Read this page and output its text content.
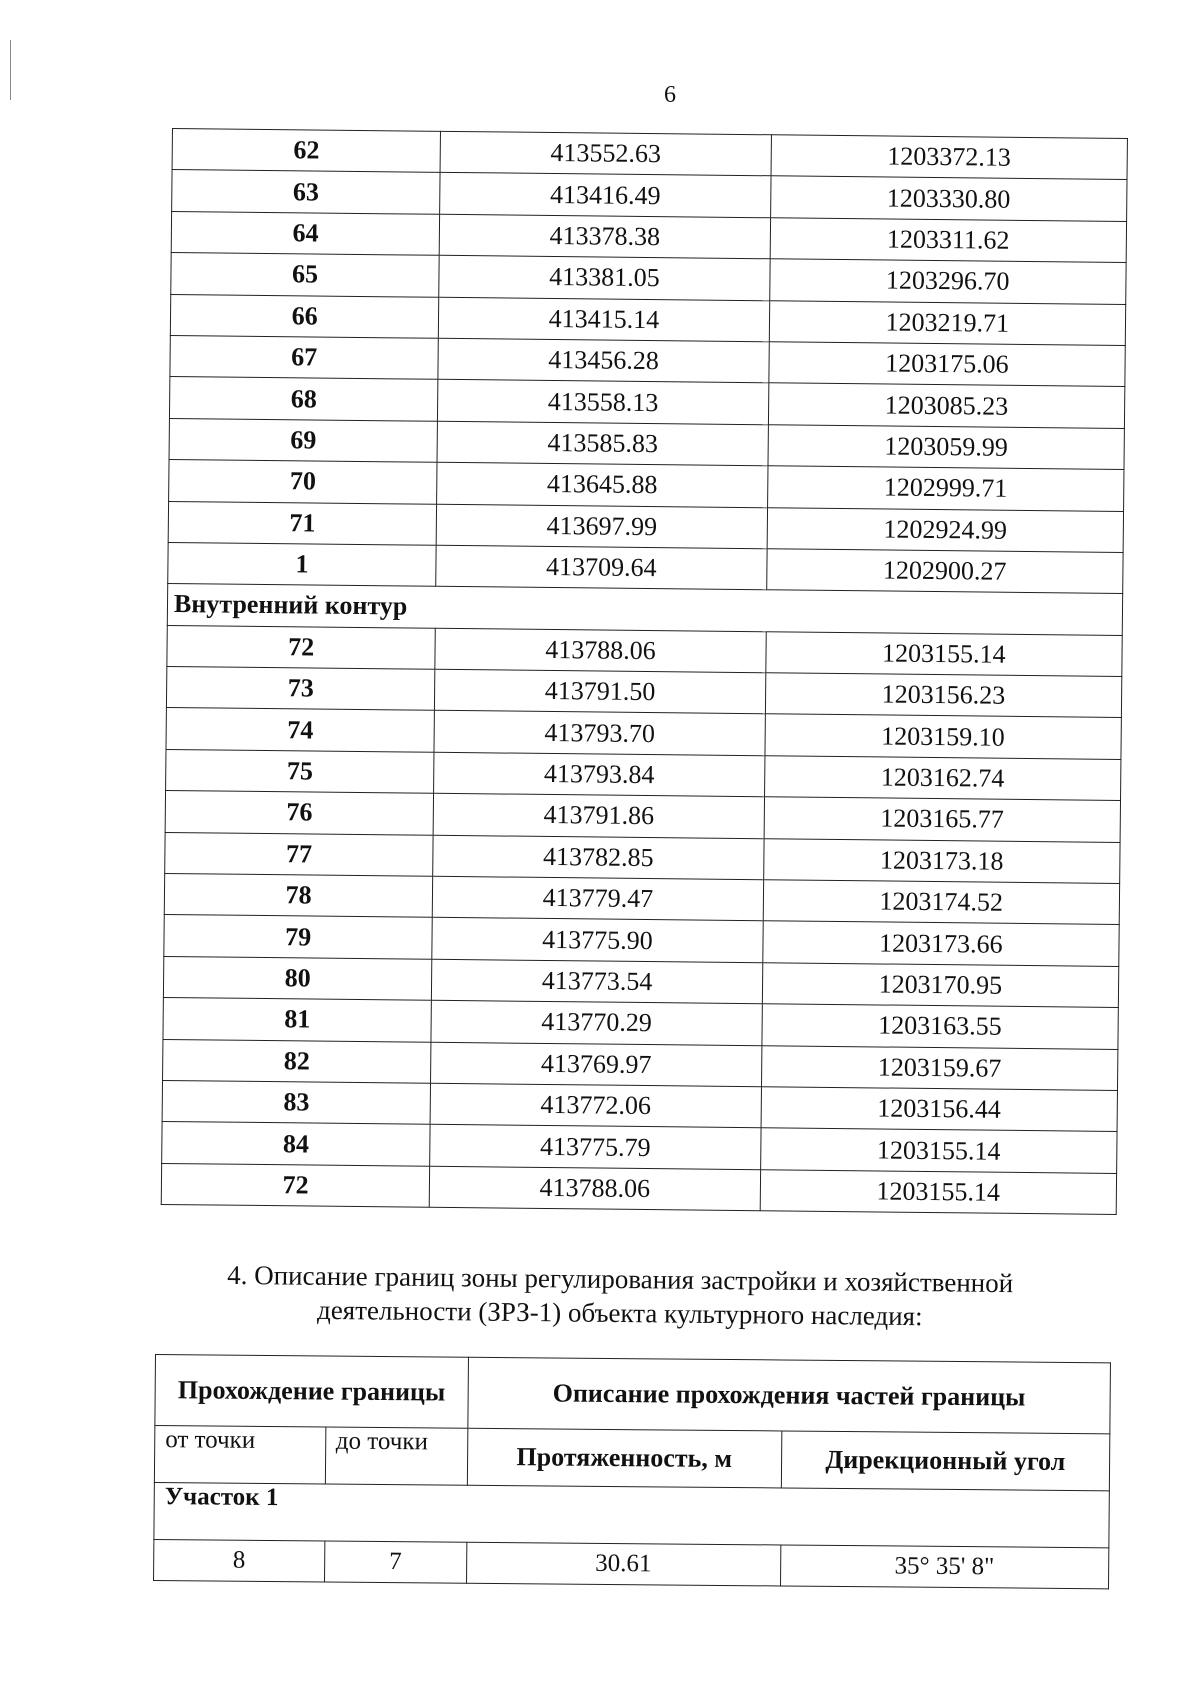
6
62	413552.63	1203372.13
63	413416.49	1203330.80
64	413378.38	1203311.62
65	413381.05	1203296.70
66	413415.14	1203219.71
67	413456.28	1203175.06
68	413558.13	1203085.23
69	413585.83	1203059.99
70	413645.88	1202999.71
71	413697.99	1202924.99
1	413709.64	1202900.27
Внутренний контур		
72	413788.06	1203155.14
73	413791.50	1203156.23
74	413793.70	1203159.10
75	413793.84	1203162.74
76	413791.86	1203165.77
77	413782.85	1203173.18
78	413779.47	1203174.52
79	413775.90	1203173.66
80	413773.54	1203170.95
81	413770.29	1203163.55
82	413769.97	1203159.67
83	413772.06	1203156.44
84	413775.79	1203155.14
72	413788.06	1203155.14
4. Описание границ зоны регулирования застройки и хозяйственной
деятельности (ЗРЗ-1) объекта культурного наследия:
Прохождение границы		Описание прохождения частей границы	
от точки	до точки	Протяженность, м	Дирекционный угол
Участок 1			
8	7	30.61	35° 35' 8"
